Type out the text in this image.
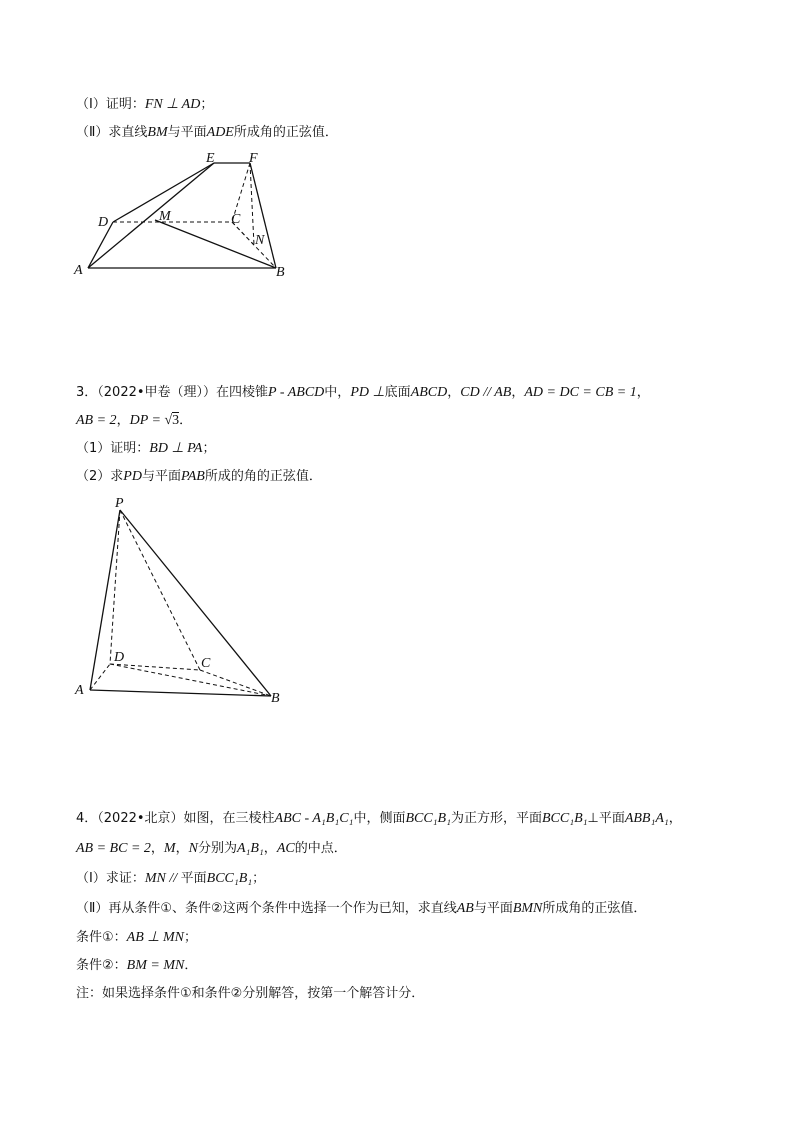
（Ⅰ）证明：FN ⊥ AD；
（Ⅱ）求直线BM与平面ADE所成角的正弦值．
E F
D	M	C
N
A	B
3．（2022•甲卷（理））在四棱锥P - ABCD中，PD ⊥底面ABCD，CD // AB，AD = DC = CB = 1，
AB = 2，DP = √3．
（1）证明：BD ⊥ PA；
（2）求PD与平面PAB所成的角的正弦值．
P
D	C
A
B
4．（2022•北京）如图，在三棱柱ABC - A₁B₁C₁中，侧面BCC₁B₁为正方形，平面BCC₁B₁⊥平面ABB₁A₁，
AB = BC = 2，M，N分别为A₁B₁，AC的中点．
（Ⅰ）求证：MN // 平面BCC₁B₁；
（Ⅱ）再从条件①、条件②这两个条件中选择一个作为已知，求直线AB与平面BMN所成角的正弦值．
条件①：AB ⊥ MN；
条件②：BM = MN．
注：如果选择条件①和条件②分别解答，按第一个解答计分．
